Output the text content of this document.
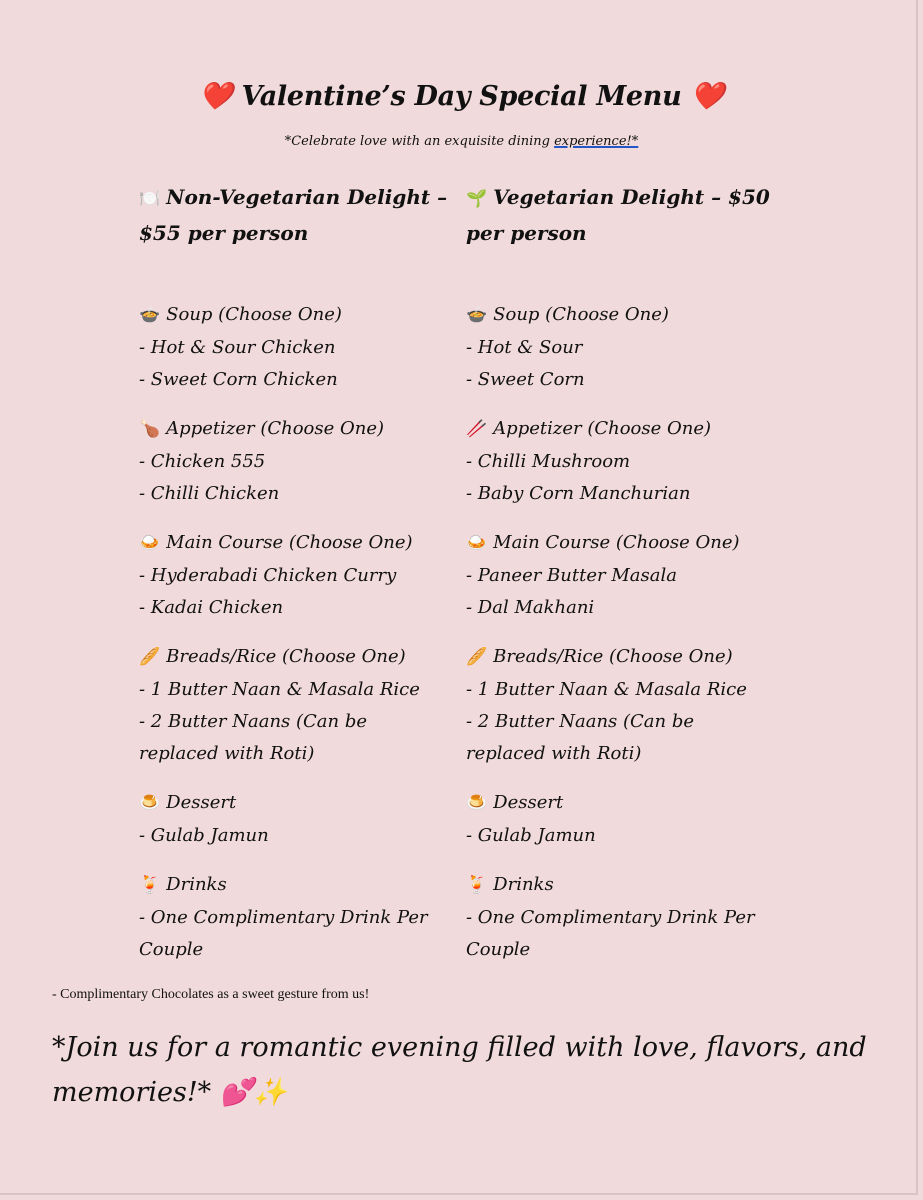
❤️ Valentine’s Day Special Menu ❤️
*Celebrate love with an exquisite dining experience!*
🍽️ Non-Vegetarian Delight – $55 per person
🍲 Soup (Choose One)
- Hot & Sour Chicken
- Sweet Corn Chicken
🍗 Appetizer (Choose One)
- Chicken 555
- Chilli Chicken
🍛 Main Course (Choose One)
- Hyderabadi Chicken Curry
- Kadai Chicken
🥖 Breads/Rice (Choose One)
- 1 Butter Naan & Masala Rice
- 2 Butter Naans (Can be replaced with Roti)
🍮 Dessert
- Gulab Jamun
🍹 Drinks
- One Complimentary Drink Per Couple
🌱 Vegetarian Delight – $50 per person
🍲 Soup (Choose One)
- Hot & Sour
- Sweet Corn
🥢 Appetizer (Choose One)
- Chilli Mushroom
- Baby Corn Manchurian
🍛 Main Course (Choose One)
- Paneer Butter Masala
- Dal Makhani
🥖 Breads/Rice (Choose One)
- 1 Butter Naan & Masala Rice
- 2 Butter Naans (Can be replaced with Roti)
🍮 Dessert
- Gulab Jamun
🍹 Drinks
- One Complimentary Drink Per Couple
- Complimentary Chocolates as a sweet gesture from us!
*Join us for a romantic evening filled with love, flavors, and memories!* 💕✨
